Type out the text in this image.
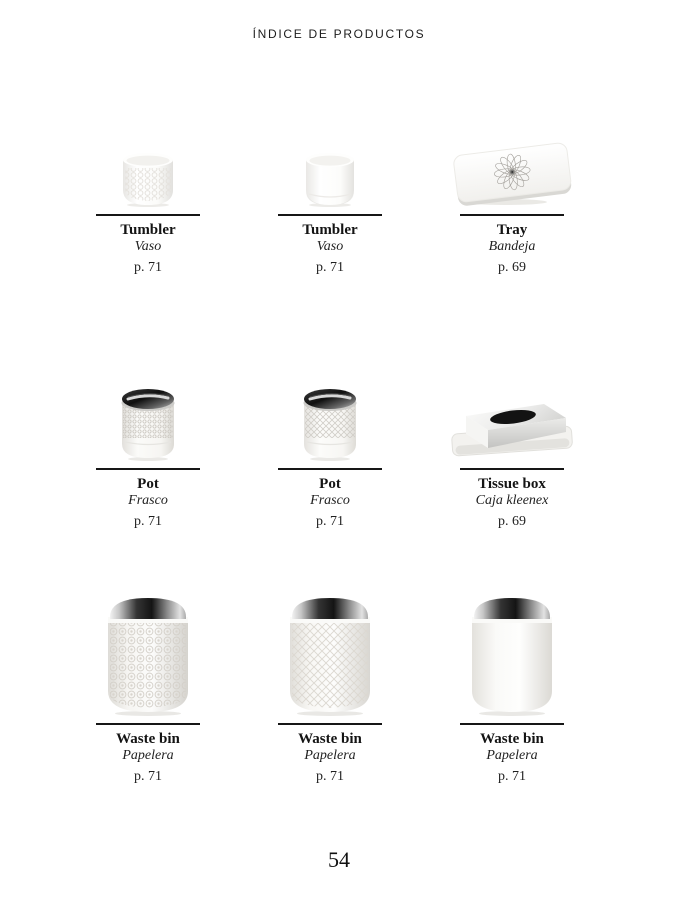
ÍNDICE DE PRODUCTOS
Tumbler
Vaso
p. 71
Tumbler
Vaso
p. 71
Tray
Bandeja
p. 69
Pot
Frasco
p. 71
Pot
Frasco
p. 71
Tissue box
Caja kleenex
p. 69
Waste bin
Papelera
p. 71
Waste bin
Papelera
p. 71
Waste bin
Papelera
p. 71
54
